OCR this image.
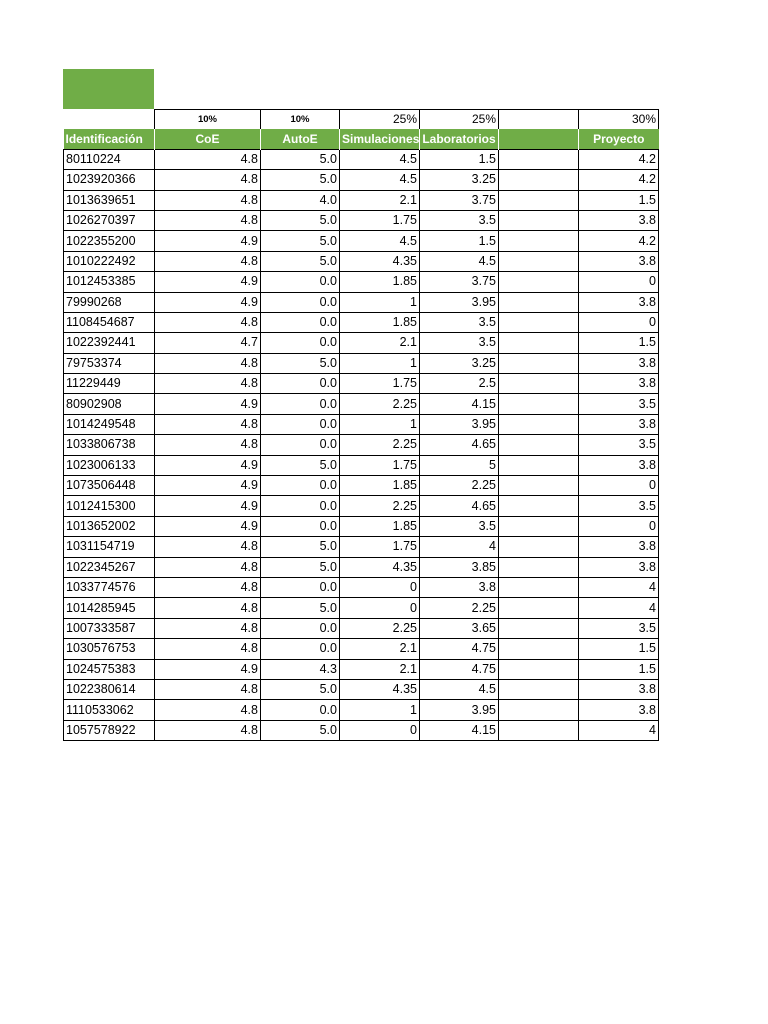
	10%	10%	25%	25%		30%
Identificación	CoE	AutoE	Simulaciones	Laboratorios		Proyecto
80110224	4.8	5.0	4.5	1.5		4.2
1023920366	4.8	5.0	4.5	3.25		4.2
1013639651	4.8	4.0	2.1	3.75		1.5
1026270397	4.8	5.0	1.75	3.5		3.8
1022355200	4.9	5.0	4.5	1.5		4.2
1010222492	4.8	5.0	4.35	4.5		3.8
1012453385	4.9	0.0	1.85	3.75		0
79990268	4.9	0.0	1	3.95		3.8
1108454687	4.8	0.0	1.85	3.5		0
1022392441	4.7	0.0	2.1	3.5		1.5
79753374	4.8	5.0	1	3.25		3.8
11229449	4.8	0.0	1.75	2.5		3.8
80902908	4.9	0.0	2.25	4.15		3.5
1014249548	4.8	0.0	1	3.95		3.8
1033806738	4.8	0.0	2.25	4.65		3.5
1023006133	4.9	5.0	1.75	5		3.8
1073506448	4.9	0.0	1.85	2.25		0
1012415300	4.9	0.0	2.25	4.65		3.5
1013652002	4.9	0.0	1.85	3.5		0
1031154719	4.8	5.0	1.75	4		3.8
1022345267	4.8	5.0	4.35	3.85		3.8
1033774576	4.8	0.0	0	3.8		4
1014285945	4.8	5.0	0	2.25		4
1007333587	4.8	0.0	2.25	3.65		3.5
1030576753	4.8	0.0	2.1	4.75		1.5
1024575383	4.9	4.3	2.1	4.75		1.5
1022380614	4.8	5.0	4.35	4.5		3.8
1110533062	4.8	0.0	1	3.95		3.8
1057578922	4.8	5.0	0	4.15		4
